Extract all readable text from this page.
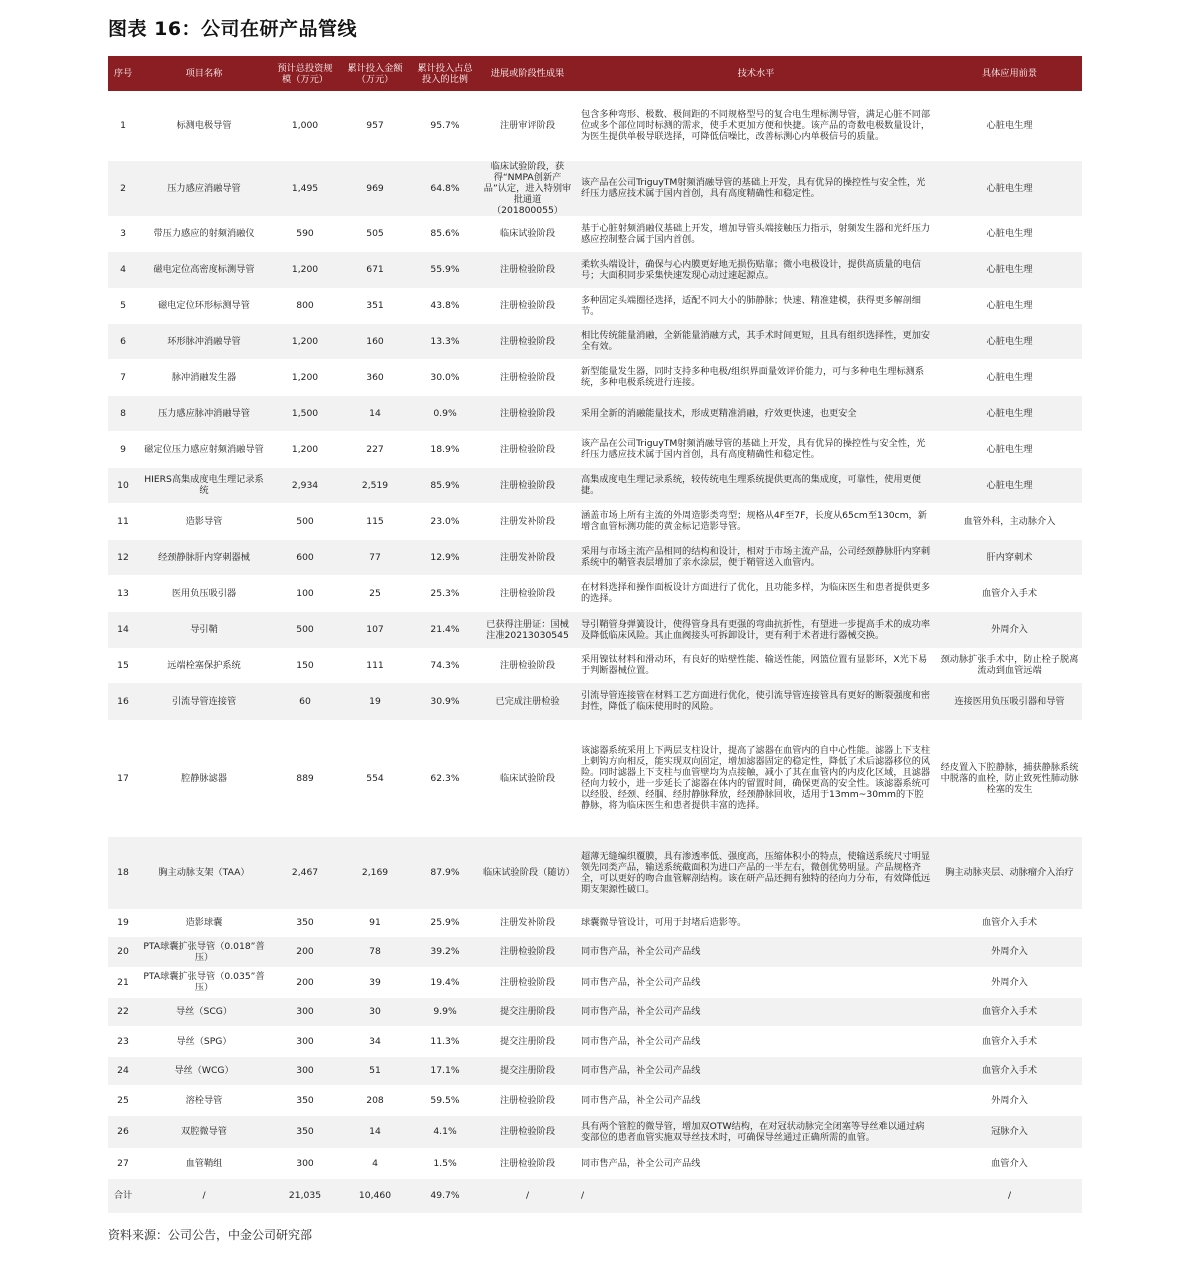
图表 16：公司在研产品管线
序号	项目名称	预计总投资规模（万元）	累计投入金额（万元）	累计投入占总投入的比例	进展或阶段性成果	技术水平	具体应用前景
1	标测电极导管	1,000	957	95.7%	注册审评阶段	包含多种弯形、极数、极间距的不同规格型号的复合电生理标测导管，满足心脏不同部位或多个部位同时标测的需求，使手术更加方便和快捷。该产品的奇数电极数量设计，为医生提供单极导联选择，可降低信噪比，改善标测心内单极信号的质量。	心脏电生理
2	压力感应消融导管	1,495	969	64.8%	临床试验阶段，获得“NMPA创新产品”认定，进入特别审批通道（201800055）	该产品在公司TriguyTM射频消融导管的基础上开发，具有优异的操控性与安全性，光纤压力感应技术属于国内首创，具有高度精确性和稳定性。	心脏电生理
3	带压力感应的射频消融仪	590	505	85.6%	临床试验阶段	基于心脏射频消融仪基础上开发，增加导管头端接触压力指示，射频发生器和光纤压力感应控制整合属于国内首创。	心脏电生理
4	磁电定位高密度标测导管	1,200	671	55.9%	注册检验阶段	柔软头端设计，确保与心内膜更好地无损伤贴靠；微小电极设计，提供高质量的电信号；大面积同步采集快速发现心动过速起源点。	心脏电生理
5	磁电定位环形标测导管	800	351	43.8%	注册检验阶段	多种固定头端圈径选择，适配不同大小的肺静脉；快速、精准建模，获得更多解剖细节。	心脏电生理
6	环形脉冲消融导管	1,200	160	13.3%	注册检验阶段	相比传统能量消融，全新能量消融方式，其手术时间更短，且具有组织选择性，更加安全有效。	心脏电生理
7	脉冲消融发生器	1,200	360	30.0%	注册检验阶段	新型能量发生器，同时支持多种电极/组织界面量效评价能力，可与多种电生理标测系统，多种电极系统进行连接。	心脏电生理
8	压力感应脉冲消融导管	1,500	14	0.9%	注册检验阶段	采用全新的消融能量技术，形成更精准消融，疗效更快速，也更安全	心脏电生理
9	磁定位压力感应射频消融导管	1,200	227	18.9%	注册检验阶段	该产品在公司TriguyTM射频消融导管的基础上开发，具有优异的操控性与安全性，光纤压力感应技术属于国内首创，具有高度精确性和稳定性。	心脏电生理
10	HIERS高集成度电生理记录系统	2,934	2,519	85.9%	注册检验阶段	高集成度电生理记录系统，较传统电生理系统提供更高的集成度，可靠性，使用更便捷。	心脏电生理
11	造影导管	500	115	23.0%	注册发补阶段	涵盖市场上所有主流的外周造影类弯型；规格从4F至7F，长度从65cm至130cm，新增含血管标测功能的黄金标记造影导管。	血管外科，主动脉介入
12	经颈静脉肝内穿刺器械	600	77	12.9%	注册发补阶段	采用与市场主流产品相同的结构和设计，相对于市场主流产品，公司经颈静脉肝内穿刺系统中的鞘管表层增加了亲水涂层，便于鞘管送入血管内。	肝内穿刺术
13	医用负压吸引器	100	25	25.3%	注册检验阶段	在材料选择和操作面板设计方面进行了优化，且功能多样，为临床医生和患者提供更多的选择。	血管介入手术
14	导引鞘	500	107	21.4%	已获得注册证：国械注准20213030545	导引鞘管身弹簧设计，使得管身具有更强的弯曲抗折性，有望进一步提高手术的成功率及降低临床风险。其止血阀接头可拆卸设计，更有利于术者进行器械交换。	外周介入
15	远端栓塞保护系统	150	111	74.3%	注册检验阶段	采用镍钛材料和滑动环，有良好的贴壁性能、输送性能，网篮位置有显影环，X光下易于判断器械位置。	颈动脉扩张手术中，防止栓子脱离流动到血管远端
16	引流导管连接管	60	19	30.9%	已完成注册检验	引流导管连接管在材料工艺方面进行优化，使引流导管连接管具有更好的断裂强度和密封性，降低了临床使用时的风险。	连接医用负压吸引器和导管
17	腔静脉滤器	889	554	62.3%	临床试验阶段	该滤器系统采用上下两层支柱设计，提高了滤器在血管内的自中心性能。滤器上下支柱上剌钩方向相反，能实现双向固定，增加滤器固定的稳定性，降低了术后滤器移位的风险。同时滤器上下支柱与血管壁均为点接触，减小了其在血管内的内皮化区域，且滤器径向力较小，进一步延长了滤器在体内的留置时间，确保更高的安全性。该滤器系统可以经股、经颈、经腘、经肘静脉释放，经颈静脉回收，适用于13mm~30mm的下腔静脉，将为临床医生和患者提供丰富的选择。	经皮置入下腔静脉，捕获静脉系统中脱落的血栓，防止致死性肺动脉栓塞的发生
18	胸主动脉支架（TAA）	2,467	2,169	87.9%	临床试验阶段（随访）	超薄无缝编织覆膜，具有渗透率低、强度高，压缩体积小的特点，使输送系统尺寸明显领先同类产品，输送系统截面积为进口产品的一半左右，微创优势明显。产品规格齐全，可以更好的吻合血管解剖结构。该在研产品还拥有独特的径向力分布，有效降低远期支架源性破口。	胸主动脉夹层、动脉瘤介入治疗
19	造影球囊	350	91	25.9%	注册发补阶段	球囊微导管设计，可用于封堵后造影等。	血管介入手术
20	PTA球囊扩张导管（0.018”普压）	200	78	39.2%	注册检验阶段	同市售产品，补全公司产品线	外周介入
21	PTA球囊扩张导管（0.035”普压）	200	39	19.4%	注册检验阶段	同市售产品，补全公司产品线	外周介入
22	导丝（SCG）	300	30	9.9%	提交注册阶段	同市售产品，补全公司产品线	血管介入手术
23	导丝（SPG）	300	34	11.3%	提交注册阶段	同市售产品，补全公司产品线	血管介入手术
24	导丝（WCG）	300	51	17.1%	提交注册阶段	同市售产品，补全公司产品线	血管介入手术
25	溶栓导管	350	208	59.5%	注册检验阶段	同市售产品，补全公司产品线	外周介入
26	双腔微导管	350	14	4.1%	注册检验阶段	具有两个管腔的微导管，增加双OTW结构，在对冠状动脉完全闭塞等导丝难以通过病变部位的患者血管实施双导丝技术时，可确保导丝通过正确所需的血管。	冠脉介入
27	血管鞘组	300	4	1.5%	注册检验阶段	同市售产品，补全公司产品线	血管介入
合计	/	21,035	10,460	49.7%	/	/	/
资料来源：公司公告，中金公司研究部
